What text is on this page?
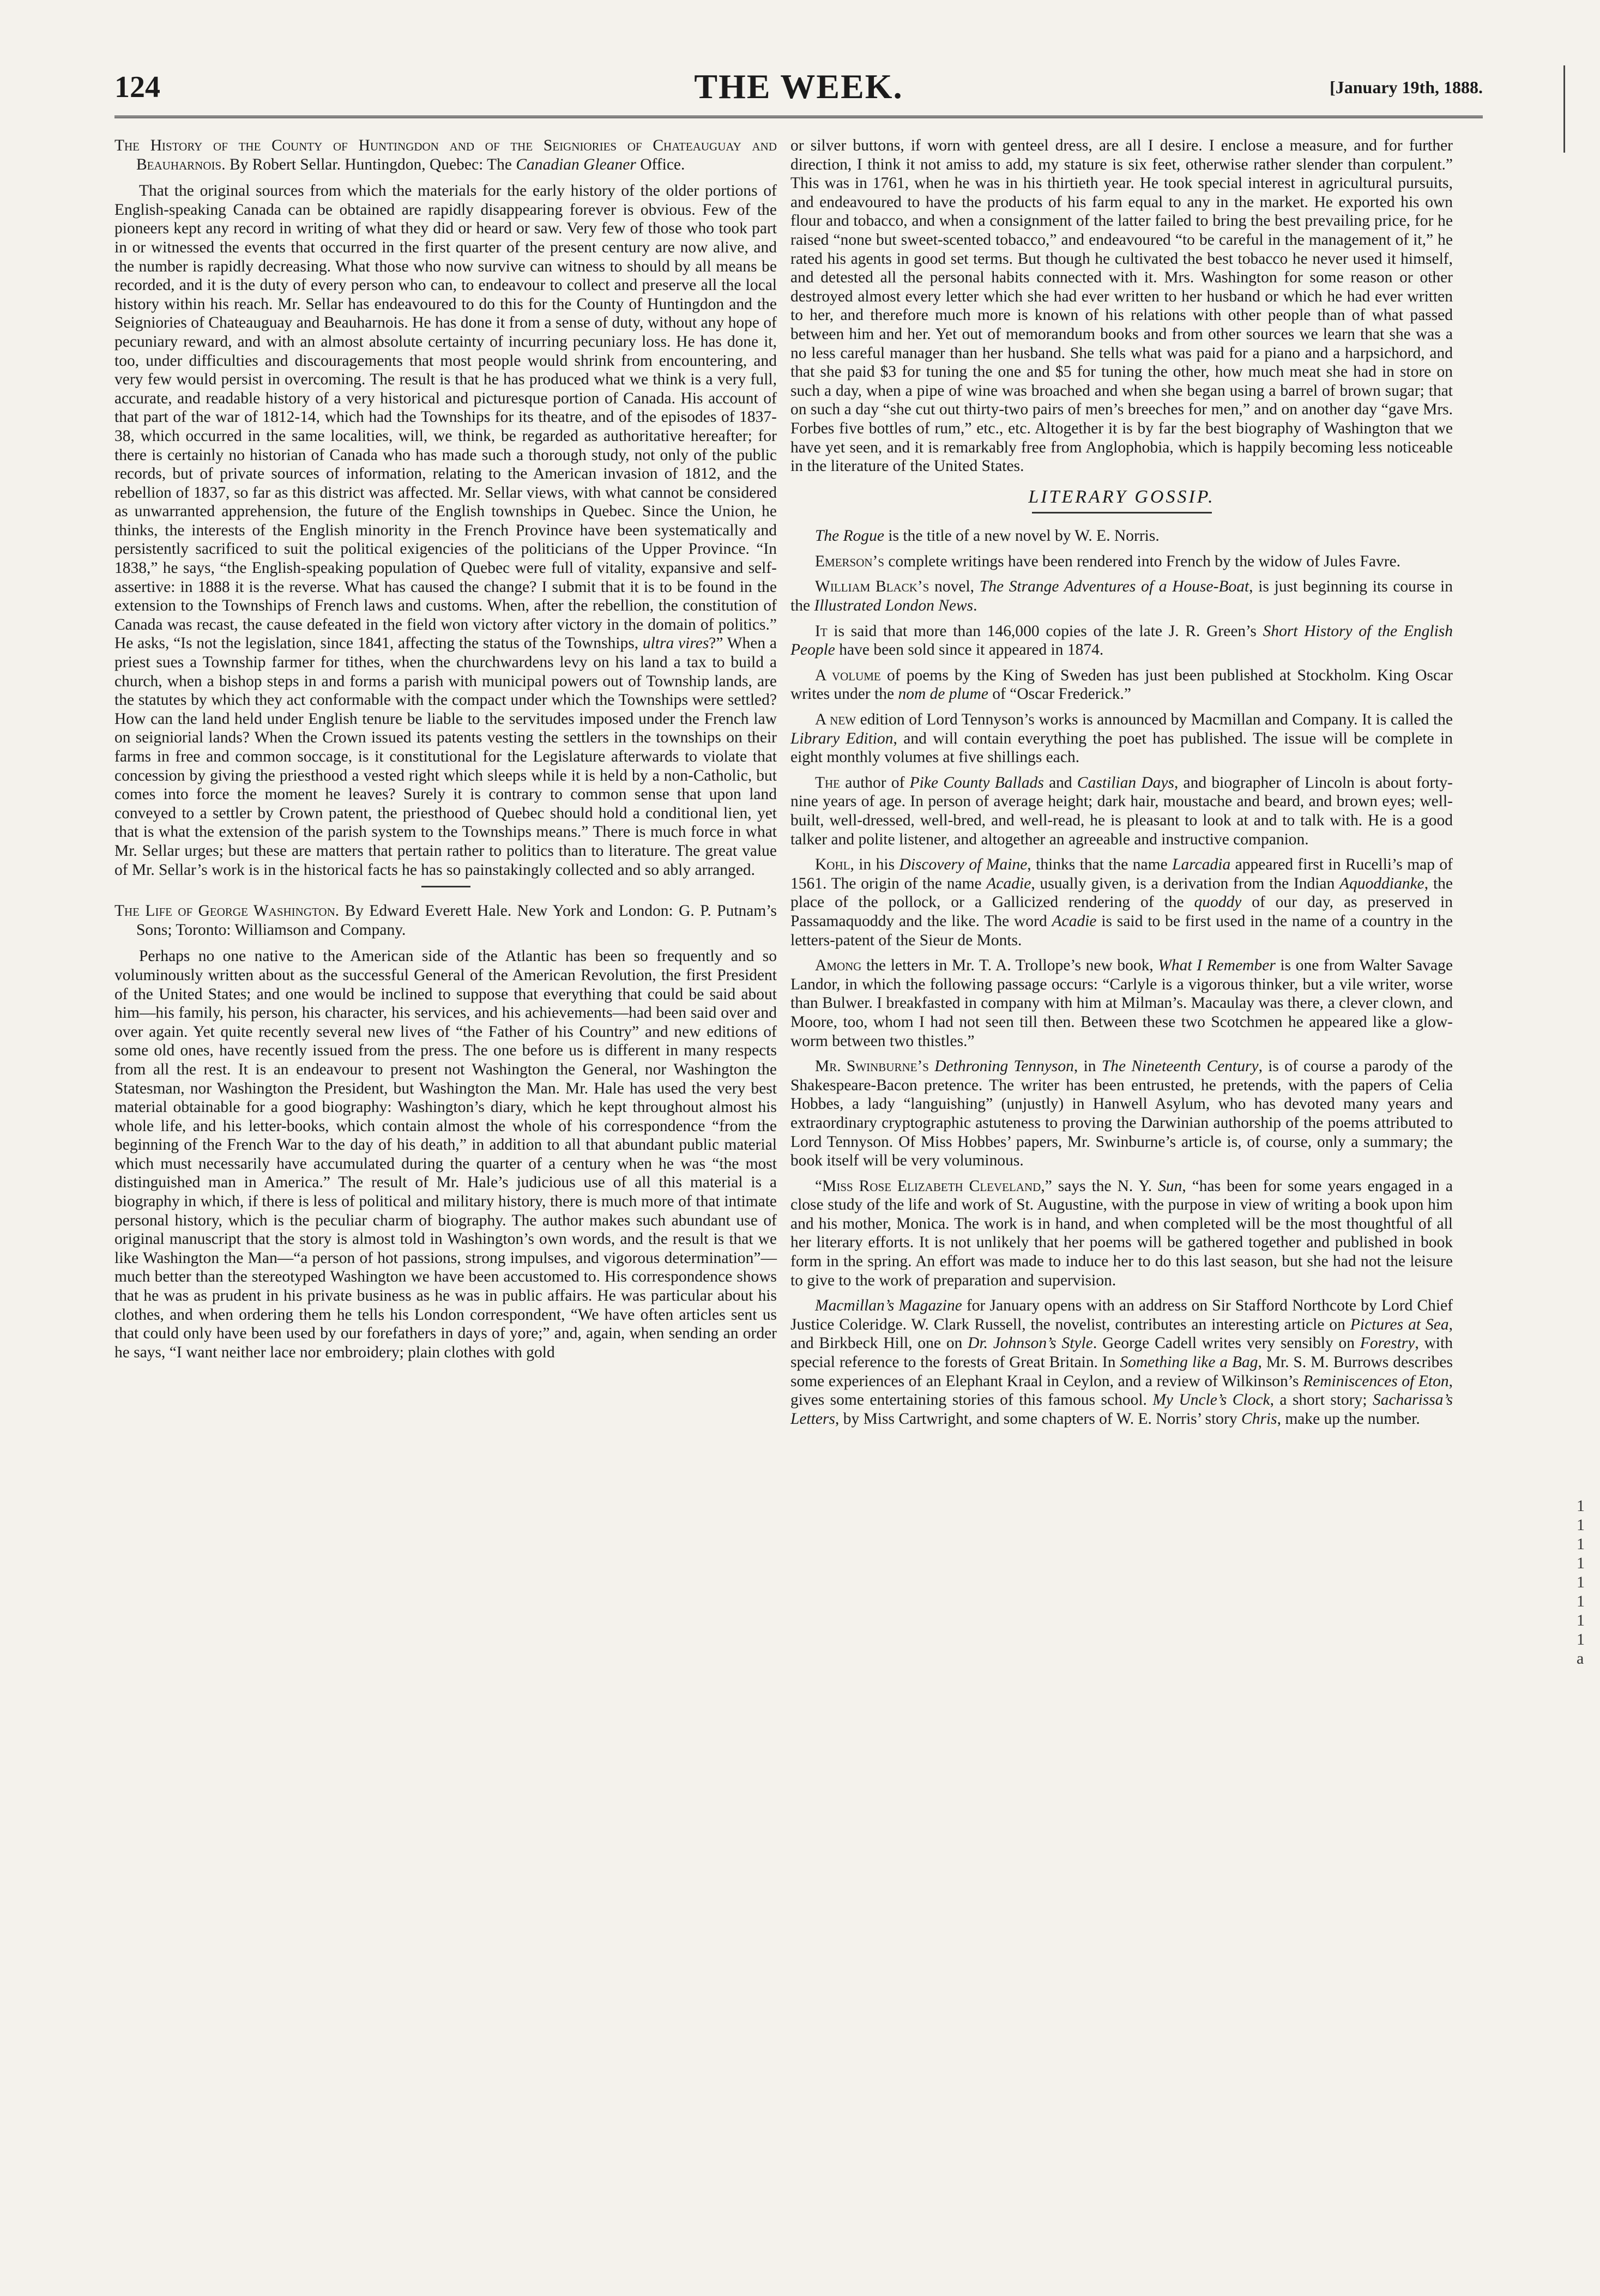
124	THE WEEK.	[January 19th, 1888.

The History of the County of Huntingdon and of the Seigniories of Chateauguay and Beauharnois. By Robert Sellar. Huntingdon, Quebec: The Canadian Gleaner Office.

That the original sources from which the materials for the early history of the older portions of English-speaking Canada can be obtained are rapidly disappearing forever is obvious. Few of the pioneers kept any record in writing of what they did or heard or saw. Very few of those who took part in or witnessed the events that occurred in the first quarter of the present century are now alive, and the number is rapidly decreasing. What those who now survive can witness to should by all means be recorded, and it is the duty of every person who can, to endeavour to collect and preserve all the local history within his reach. Mr. Sellar has endeavoured to do this for the County of Huntingdon and the Seigniories of Chateauguay and Beauharnois. He has done it from a sense of duty, without any hope of pecuniary reward, and with an almost absolute certainty of incurring pecuniary loss. He has done it, too, under difficulties and discouragements that most people would shrink from encountering, and very few would persist in overcoming. The result is that he has produced what we think is a very full, accurate, and readable history of a very historical and picturesque portion of Canada. His account of that part of the war of 1812-14, which had the Townships for its theatre, and of the episodes of 1837-38, which occurred in the same localities, will, we think, be regarded as authoritative hereafter; for there is certainly no historian of Canada who has made such a thorough study, not only of the public records, but of private sources of information, relating to the American invasion of 1812, and the rebellion of 1837, so far as this district was affected. Mr. Sellar views, with what cannot be considered as unwarranted apprehension, the future of the English townships in Quebec. Since the Union, he thinks, the interests of the English minority in the French Province have been systematically and persistently sacrificed to suit the political exigencies of the politicians of the Upper Province. “In 1838,” he says, “the English-speaking population of Quebec were full of vitality, expansive and self-assertive: in 1888 it is the reverse. What has caused the change? I submit that it is to be found in the extension to the Townships of French laws and customs. When, after the rebellion, the constitution of Canada was recast, the cause defeated in the field won victory after victory in the domain of politics.” He asks, “Is not the legislation, since 1841, affecting the status of the Townships, ultra vires?” When a priest sues a Township farmer for tithes, when the churchwardens levy on his land a tax to build a church, when a bishop steps in and forms a parish with municipal powers out of Township lands, are the statutes by which they act conformable with the compact under which the Townships were settled? How can the land held under English tenure be liable to the servitudes imposed under the French law on seigniorial lands? When the Crown issued its patents vesting the settlers in the townships on their farms in free and common soccage, is it constitutional for the Legislature afterwards to violate that concession by giving the priesthood a vested right which sleeps while it is held by a non-Catholic, but comes into force the moment he leaves? Surely it is contrary to common sense that upon land conveyed to a settler by Crown patent, the priesthood of Quebec should hold a conditional lien, yet that is what the extension of the parish system to the Townships means.” There is much force in what Mr. Sellar urges; but these are matters that pertain rather to politics than to literature. The great value of Mr. Sellar’s work is in the historical facts he has so painstakingly collected and so ably arranged.

The Life of George Washington. By Edward Everett Hale. New York and London: G. P. Putnam’s Sons; Toronto: Williamson and Company.

Perhaps no one native to the American side of the Atlantic has been so frequently and so voluminously written about as the successful General of the American Revolution, the first President of the United States; and one would be inclined to suppose that everything that could be said about him—his family, his person, his character, his services, and his achievements—had been said over and over again. Yet quite recently several new lives of “the Father of his Country” and new editions of some old ones, have recently issued from the press. The one before us is different in many respects from all the rest. It is an endeavour to present not Washington the General, nor Washington the Statesman, nor Washington the President, but Washington the Man. Mr. Hale has used the very best material obtainable for a good biography: Washington’s diary, which he kept throughout almost his whole life, and his letter-books, which contain almost the whole of his correspondence “from the beginning of the French War to the day of his death,” in addition to all that abundant public material which must necessarily have accumulated during the quarter of a century when he was “the most distinguished man in America.” The result of Mr. Hale’s judicious use of all this material is a biography in which, if there is less of political and military history, there is much more of that intimate personal history, which is the peculiar charm of biography. The author makes such abundant use of original manuscript that the story is almost told in Washington’s own words, and the result is that we like Washington the Man—“a person of hot passions, strong impulses, and vigorous determination”—much better than the stereotyped Washington we have been accustomed to. His correspondence shows that he was as prudent in his private business as he was in public affairs. He was particular about his clothes, and when ordering them he tells his London correspondent, “We have often articles sent us that could only have been used by our forefathers in days of yore;” and, again, when sending an order he says, “I want neither lace nor embroidery; plain clothes with gold

or silver buttons, if worn with genteel dress, are all I desire. I enclose a measure, and for further direction, I think it not amiss to add, my stature is six feet, otherwise rather slender than corpulent.” This was in 1761, when he was in his thirtieth year. He took special interest in agricultural pursuits, and endeavoured to have the products of his farm equal to any in the market. He exported his own flour and tobacco, and when a consignment of the latter failed to bring the best prevailing price, for he raised “none but sweet-scented tobacco,” and endeavoured “to be careful in the management of it,” he rated his agents in good set terms. But though he cultivated the best tobacco he never used it himself, and detested all the personal habits connected with it. Mrs. Washington for some reason or other destroyed almost every letter which she had ever written to her husband or which he had ever written to her, and therefore much more is known of his relations with other people than of what passed between him and her. Yet out of memorandum books and from other sources we learn that she was a no less careful manager than her husband. She tells what was paid for a piano and a harpsichord, and that she paid $3 for tuning the one and $5 for tuning the other, how much meat she had in store on such a day, when a pipe of wine was broached and when she began using a barrel of brown sugar; that on such a day “she cut out thirty-two pairs of men’s breeches for men,” and on another day “gave Mrs. Forbes five bottles of rum,” etc., etc. Altogether it is by far the best biography of Washington that we have yet seen, and it is remarkably free from Anglophobia, which is happily becoming less noticeable in the literature of the United States.

LITERARY GOSSIP.

The Rogue is the title of a new novel by W. E. Norris.

Emerson’s complete writings have been rendered into French by the widow of Jules Favre.

William Black’s novel, The Strange Adventures of a House-Boat, is just beginning its course in the Illustrated London News.

It is said that more than 146,000 copies of the late J. R. Green’s Short History of the English People have been sold since it appeared in 1874.

A volume of poems by the King of Sweden has just been published at Stockholm. King Oscar writes under the nom de plume of “Oscar Frederick.”

A new edition of Lord Tennyson’s works is announced by Macmillan and Company. It is called the Library Edition, and will contain everything the poet has published. The issue will be complete in eight monthly volumes at five shillings each.

The author of Pike County Ballads and Castilian Days, and biographer of Lincoln is about forty-nine years of age. In person of average height; dark hair, moustache and beard, and brown eyes; well-built, well-dressed, well-bred, and well-read, he is pleasant to look at and to talk with. He is a good talker and polite listener, and altogether an agreeable and instructive companion.

Kohl, in his Discovery of Maine, thinks that the name Larcadia appeared first in Rucelli’s map of 1561. The origin of the name Acadie, usually given, is a derivation from the Indian Aquoddianke, the place of the pollock, or a Gallicized rendering of the quoddy of our day, as preserved in Passamaquoddy and the like. The word Acadie is said to be first used in the name of a country in the letters-patent of the Sieur de Monts.

Among the letters in Mr. T. A. Trollope’s new book, What I Remember is one from Walter Savage Landor, in which the following passage occurs: “Carlyle is a vigorous thinker, but a vile writer, worse than Bulwer. I breakfasted in company with him at Milman’s. Macaulay was there, a clever clown, and Moore, too, whom I had not seen till then. Between these two Scotchmen he appeared like a glow-worm between two thistles.”

Mr. Swinburne’s Dethroning Tennyson, in The Nineteenth Century, is of course a parody of the Shakespeare-Bacon pretence. The writer has been entrusted, he pretends, with the papers of Celia Hobbes, a lady “languishing” (unjustly) in Hanwell Asylum, who has devoted many years and extraordinary cryptographic astuteness to proving the Darwinian authorship of the poems attributed to Lord Tennyson. Of Miss Hobbes’ papers, Mr. Swinburne’s article is, of course, only a summary; the book itself will be very voluminous.

“Miss Rose Elizabeth Cleveland,” says the N. Y. Sun, “has been for some years engaged in a close study of the life and work of St. Augustine, with the purpose in view of writing a book upon him and his mother, Monica. The work is in hand, and when completed will be the most thoughtful of all her literary efforts. It is not unlikely that her poems will be gathered together and published in book form in the spring. An effort was made to induce her to do this last season, but she had not the leisure to give to the work of preparation and supervision.

Macmillan’s Magazine for January opens with an address on Sir Stafford Northcote by Lord Chief Justice Coleridge. W. Clark Russell, the novelist, contributes an interesting article on Pictures at Sea, and Birkbeck Hill, one on Dr. Johnson’s Style. George Cadell writes very sensibly on Forestry, with special reference to the forests of Great Britain. In Something like a Bag, Mr. S. M. Burrows describes some experiences of an Elephant Kraal in Ceylon, and a review of Wilkinson’s Reminiscences of Eton, gives some entertaining stories of this famous school. My Uncle’s Clock, a short story; Sacharissa’s Letters, by Miss Cartwright, and some chapters of W. E. Norris’ story Chris, make up the number.

1
1
1
1
1
1
1
1
a
